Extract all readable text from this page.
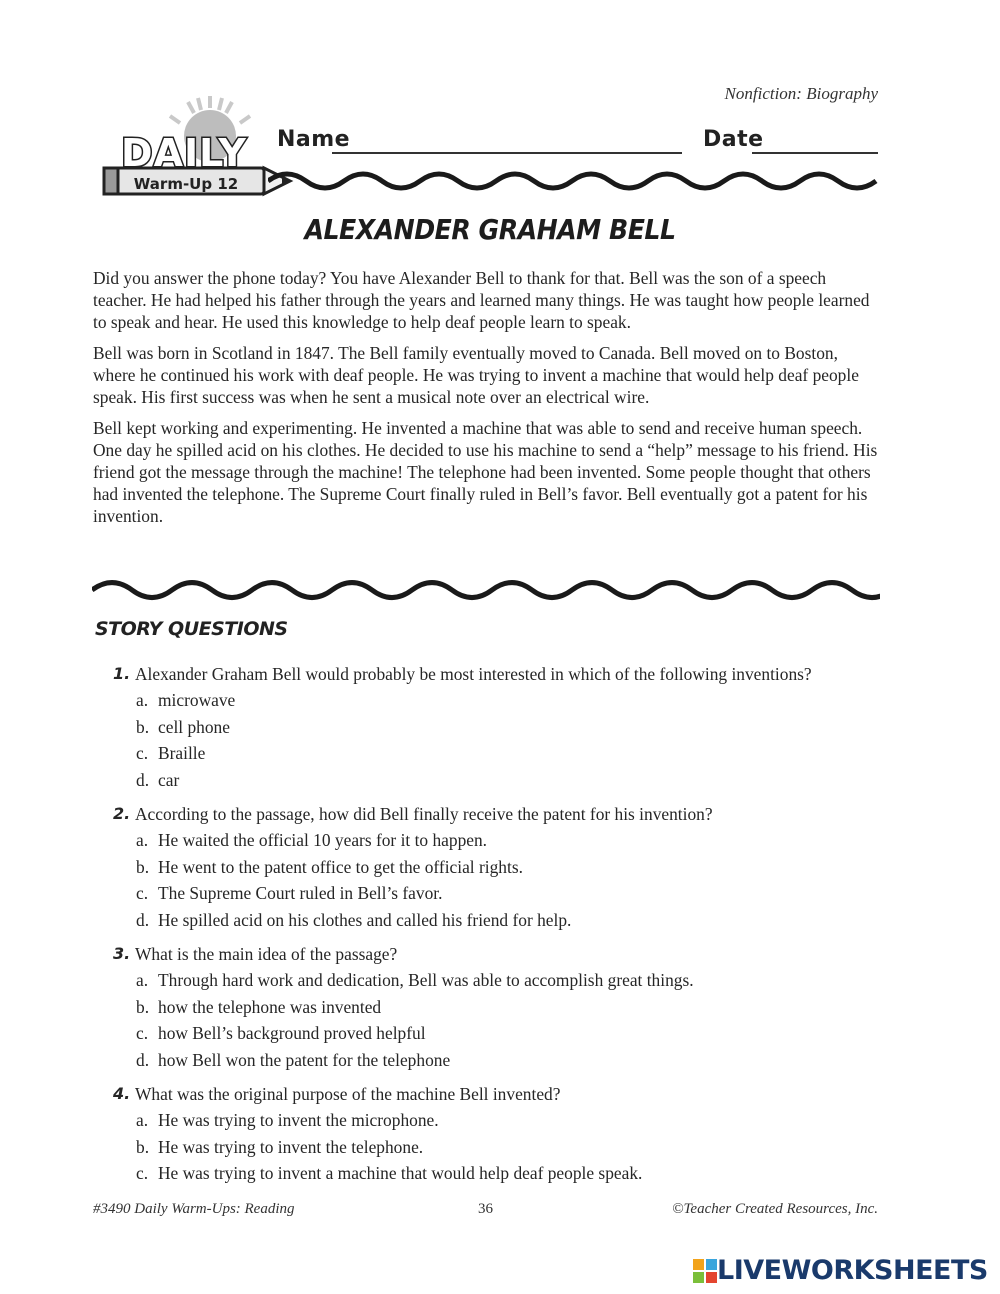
Nonfiction: Biography
DAILY
Warm-Up 12
Name	Date
ALEXANDER GRAHAM BELL

Did you answer the phone today? You have Alexander Bell to thank for that. Bell was the son of a speech teacher. He had helped his father through the years and learned many things. He was taught how people learned to speak and hear. He used this knowledge to help deaf people learn to speak.

Bell was born in Scotland in 1847. The Bell family eventually moved to Canada. Bell moved on to Boston, where he continued his work with deaf people. He was trying to invent a machine that would help deaf people speak. His first success was when he sent a musical note over an electrical wire.

Bell kept working and experimenting. He invented a machine that was able to send and receive human speech. One day he spilled acid on his clothes. He decided to use his machine to send a “help” message to his friend. His friend got the message through the machine! The telephone had been invented. Some people thought that others had invented the telephone. The Supreme Court finally ruled in Bell’s favor. Bell eventually got a patent for his invention.

STORY QUESTIONS
1. Alexander Graham Bell would probably be most interested in which of the following inventions?
a. microwave
b. cell phone
c. Braille
d. car
2. According to the passage, how did Bell finally receive the patent for his invention?
a. He waited the official 10 years for it to happen.
b. He went to the patent office to get the official rights.
c. The Supreme Court ruled in Bell’s favor.
d. He spilled acid on his clothes and called his friend for help.
3. What is the main idea of the passage?
a. Through hard work and dedication, Bell was able to accomplish great things.
b. how the telephone was invented
c. how Bell’s background proved helpful
d. how Bell won the patent for the telephone
4. What was the original purpose of the machine Bell invented?
a. He was trying to invent the microphone.
b. He was trying to invent the telephone.
c. He was trying to invent a machine that would help deaf people speak.
#3490 Daily Warm-Ups: Reading	36	©Teacher Created Resources, Inc.
LIVEWORKSHEETS
